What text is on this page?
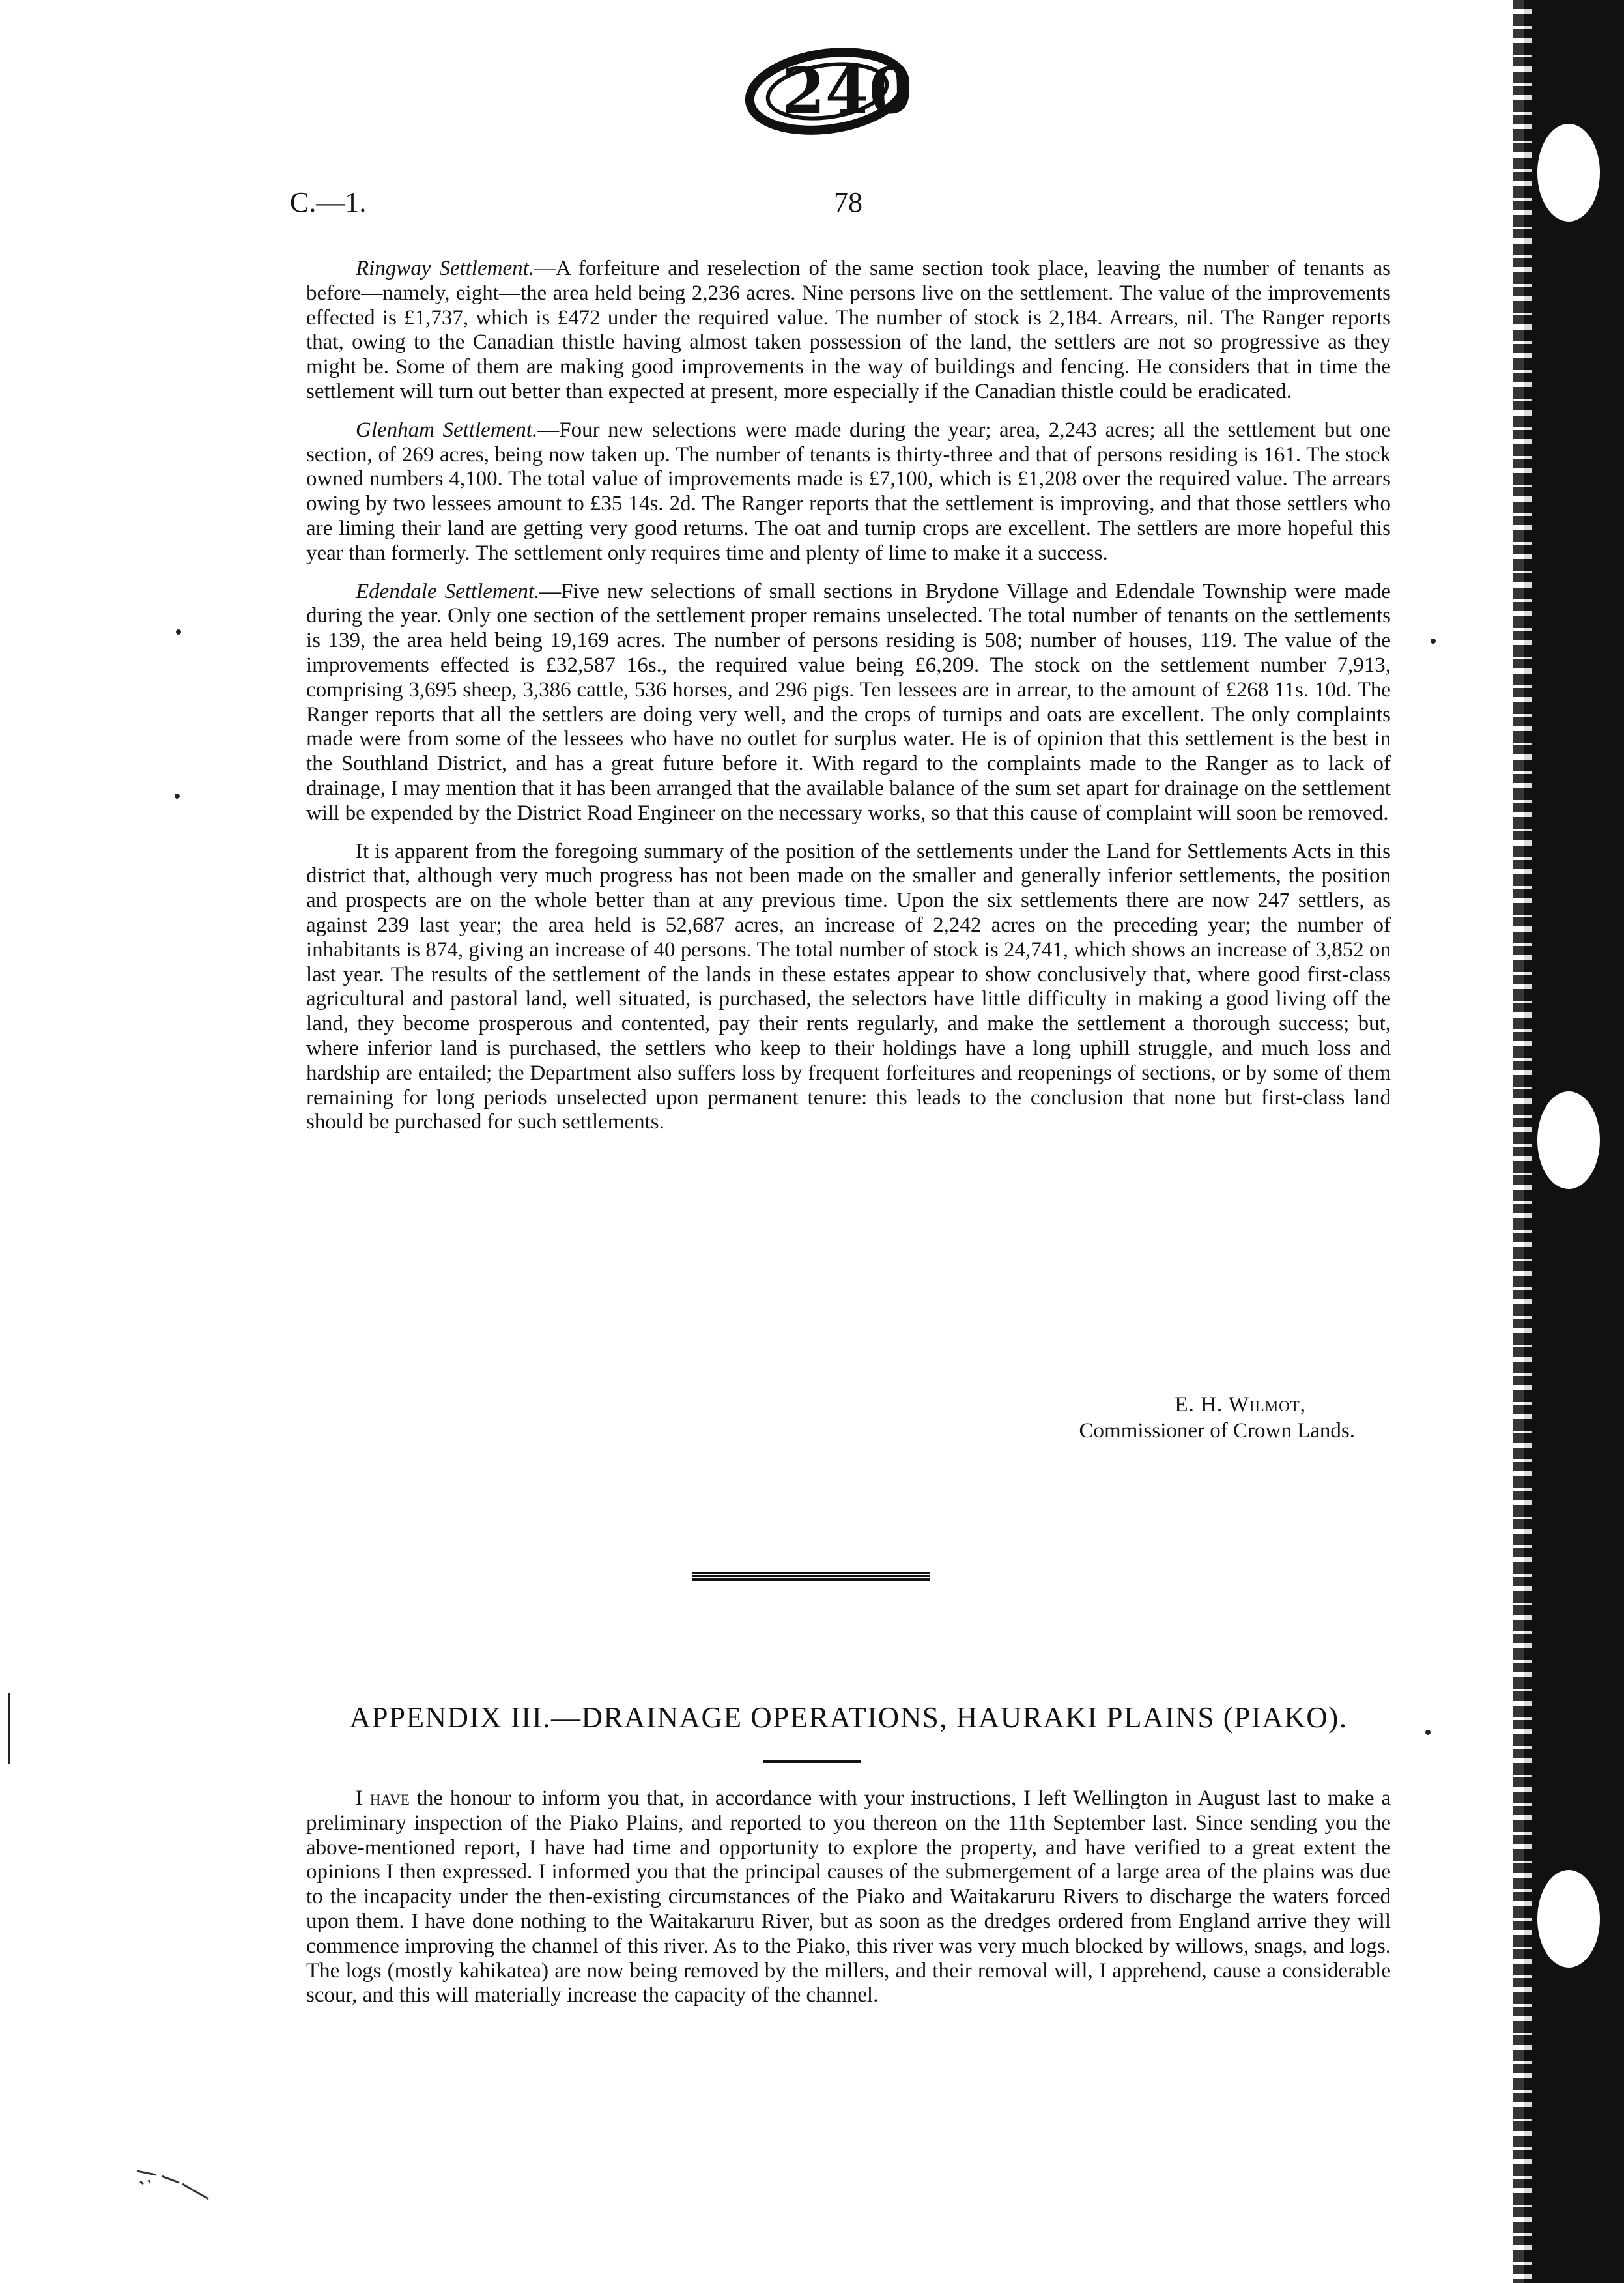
240
C.—1.	78

Ringway Settlement.—A forfeiture and reselection of the same section took place, leaving the number of tenants as before—namely, eight—the area held being 2,236 acres. Nine persons live on the settlement. The value of the improvements effected is £1,737, which is £472 under the required value. The number of stock is 2,184. Arrears, nil. The Ranger reports that, owing to the Canadian thistle having almost taken possession of the land, the settlers are not so progressive as they might be. Some of them are making good improvements in the way of buildings and fencing. He considers that in time the settlement will turn out better than expected at present, more especially if the Canadian thistle could be eradicated.

Glenham Settlement.—Four new selections were made during the year; area, 2,243 acres; all the settlement but one section, of 269 acres, being now taken up. The number of tenants is thirty-three and that of persons residing is 161. The stock owned numbers 4,100. The total value of improvements made is £7,100, which is £1,208 over the required value. The arrears owing by two lessees amount to £35 14s. 2d. The Ranger reports that the settlement is improving, and that those settlers who are liming their land are getting very good returns. The oat and turnip crops are excellent. The settlers are more hopeful this year than formerly. The settlement only requires time and plenty of lime to make it a success.

Edendale Settlement.—Five new selections of small sections in Brydone Village and Edendale Township were made during the year. Only one section of the settlement proper remains unselected. The total number of tenants on the settlements is 139, the area held being 19,169 acres. The number of persons residing is 508; number of houses, 119. The value of the improvements effected is £32,587 16s., the required value being £6,209. The stock on the settlement number 7,913, comprising 3,695 sheep, 3,386 cattle, 536 horses, and 296 pigs. Ten lessees are in arrear, to the amount of £268 11s. 10d. The Ranger reports that all the settlers are doing very well, and the crops of turnips and oats are excellent. The only complaints made were from some of the lessees who have no outlet for surplus water. He is of opinion that this settlement is the best in the Southland District, and has a great future before it. With regard to the complaints made to the Ranger as to lack of drainage, I may mention that it has been arranged that the available balance of the sum set apart for drainage on the settlement will be expended by the District Road Engineer on the necessary works, so that this cause of complaint will soon be removed.

It is apparent from the foregoing summary of the position of the settlements under the Land for Settlements Acts in this district that, although very much progress has not been made on the smaller and generally inferior settlements, the position and prospects are on the whole better than at any previous time. Upon the six settlements there are now 247 settlers, as against 239 last year; the area held is 52,687 acres, an increase of 2,242 acres on the preceding year; the number of inhabitants is 874, giving an increase of 40 persons. The total number of stock is 24,741, which shows an increase of 3,852 on last year. The results of the settlement of the lands in these estates appear to show conclusively that, where good first-class agricultural and pastoral land, well situated, is purchased, the selectors have little difficulty in making a good living off the land, they become prosperous and contented, pay their rents regularly, and make the settlement a thorough success; but, where inferior land is purchased, the settlers who keep to their holdings have a long uphill struggle, and much loss and hardship are entailed; the Department also suffers loss by frequent forfeitures and reopenings of sections, or by some of them remaining for long periods unselected upon permanent tenure: this leads to the conclusion that none but first-class land should be purchased for such settlements.

E. H. Wilmot,
Commissioner of Crown Lands.
APPENDIX III.—DRAINAGE OPERATIONS, HAURAKI PLAINS (PIAKO).

I have the honour to inform you that, in accordance with your instructions, I left Wellington in August last to make a preliminary inspection of the Piako Plains, and reported to you thereon on the 11th September last. Since sending you the above-mentioned report, I have had time and opportunity to explore the property, and have verified to a great extent the opinions I then expressed. I informed you that the principal causes of the submergement of a large area of the plains was due to the incapacity under the then-existing circumstances of the Piako and Waitakaruru Rivers to discharge the waters forced upon them. I have done nothing to the Waitakaruru River, but as soon as the dredges ordered from England arrive they will commence improving the channel of this river. As to the Piako, this river was very much blocked by willows, snags, and logs. The logs (mostly kahikatea) are now being removed by the millers, and their removal will, I apprehend, cause a considerable scour, and this will materially increase the capacity of the channel.
